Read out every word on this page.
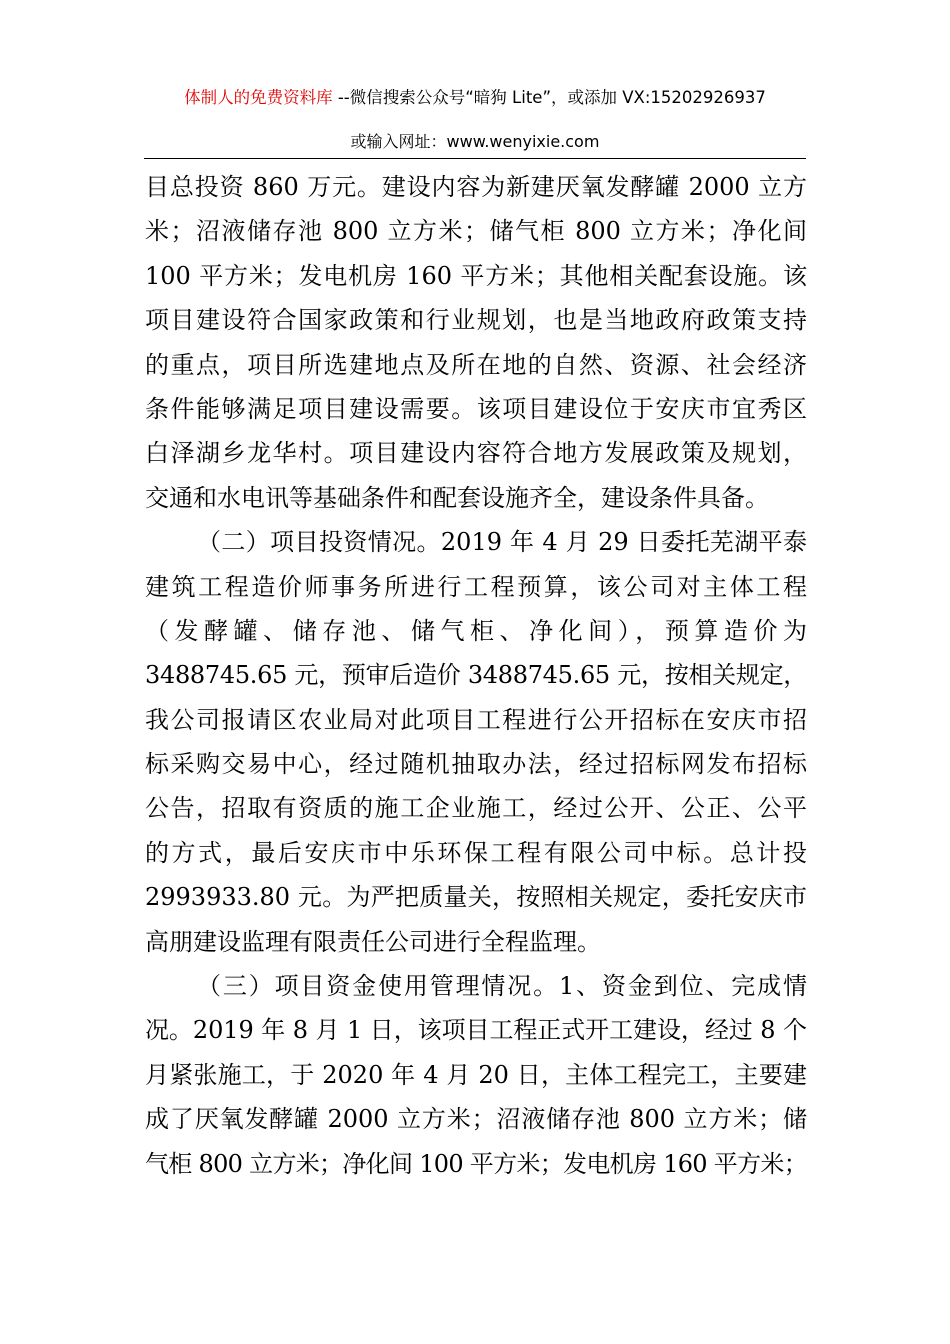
体制人的免费资料库 --微信搜索公众号“暗狗 Lite”，或添加 VX:15202926937
或输入网址：www.wenyixie.com
目总投资 860 万元。建设内容为新建厌氧发酵罐 2000 立方
米；沼液储存池 800 立方米；储气柜 800 立方米；净化间
100 平方米；发电机房 160 平方米；其他相关配套设施。该
项目建设符合国家政策和行业规划，也是当地政府政策支持
的重点，项目所选建地点及所在地的自然、资源、社会经济
条件能够满足项目建设需要。该项目建设位于安庆市宜秀区
白泽湖乡龙华村。项目建设内容符合地方发展政策及规划，
交通和水电讯等基础条件和配套设施齐全，建设条件具备。
（二）项目投资情况。2019 年 4 月 29 日委托芜湖平泰
建筑工程造价师事务所进行工程预算，该公司对主体工程
（发酵罐、储存池、储气柜、净化间），预算造价为
3488745.65 元，预审后造价 3488745.65 元，按相关规定，
我公司报请区农业局对此项目工程进行公开招标在安庆市招
标采购交易中心，经过随机抽取办法，经过招标网发布招标
公告，招取有资质的施工企业施工，经过公开、公正、公平
的方式，最后安庆市中乐环保工程有限公司中标。总计投
2993933.80 元。为严把质量关，按照相关规定，委托安庆市
高朋建设监理有限责任公司进行全程监理。
（三）项目资金使用管理情况。1、资金到位、完成情
况。2019 年 8 月 1 日，该项目工程正式开工建设，经过 8 个
月紧张施工，于 2020 年 4 月 20 日，主体工程完工，主要建
成了厌氧发酵罐 2000 立方米；沼液储存池 800 立方米；储
气柜 800 立方米；净化间 100 平方米；发电机房 160 平方米；
